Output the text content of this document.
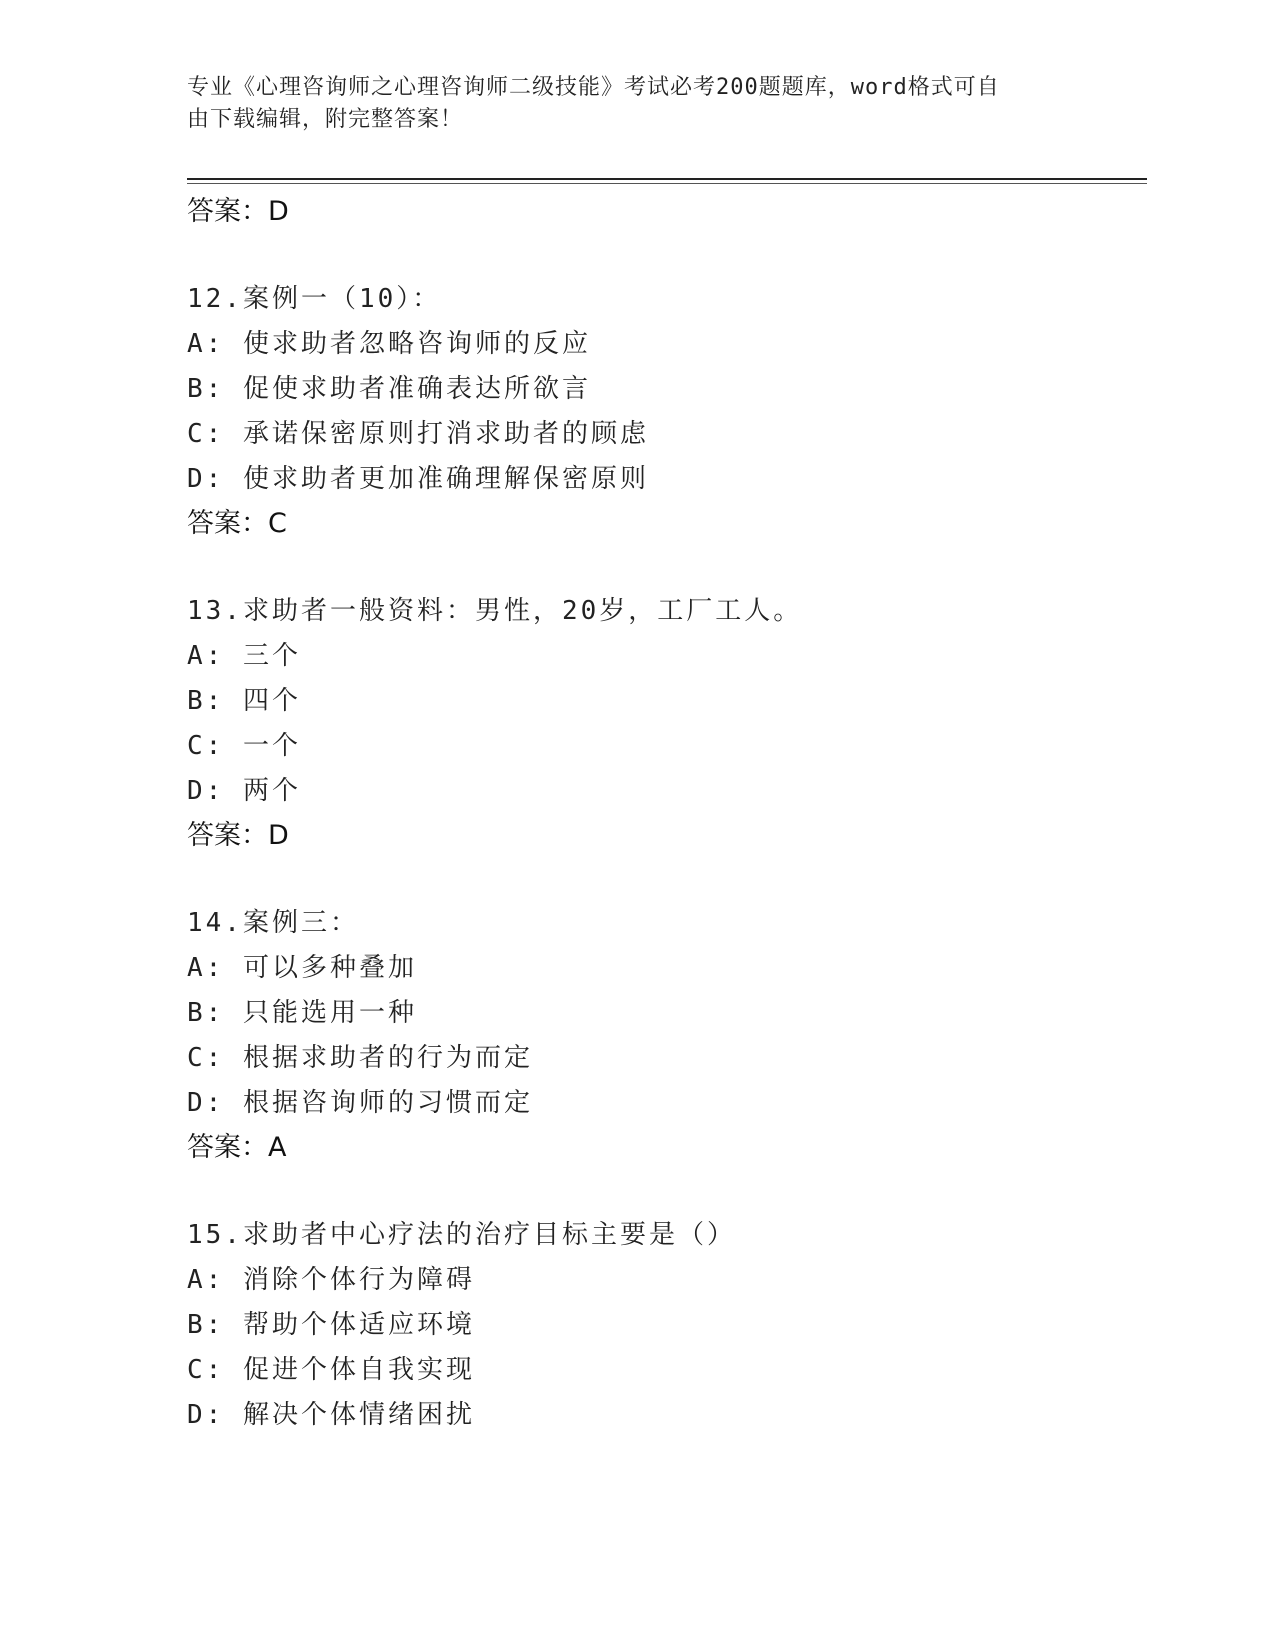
专业《心理咨询师之心理咨询师二级技能》考试必考200题题库，word格式可自

由下载编辑，附完整答案！

答案：D
12.案例一（10）：
A: 使求助者忽略咨询师的反应
B: 促使求助者准确表达所欲言
C: 承诺保密原则打消求助者的顾虑
D: 使求助者更加准确理解保密原则
答案：C
13.求助者一般资料：男性，20岁，工厂工人。
A: 三个
B: 四个
C: 一个
D: 两个
答案：D
14.案例三：
A: 可以多种叠加
B: 只能选用一种
C: 根据求助者的行为而定
D: 根据咨询师的习惯而定
答案：A
15.求助者中心疗法的治疗目标主要是（）
A: 消除个体行为障碍
B: 帮助个体适应环境
C: 促进个体自我实现
D: 解决个体情绪困扰
